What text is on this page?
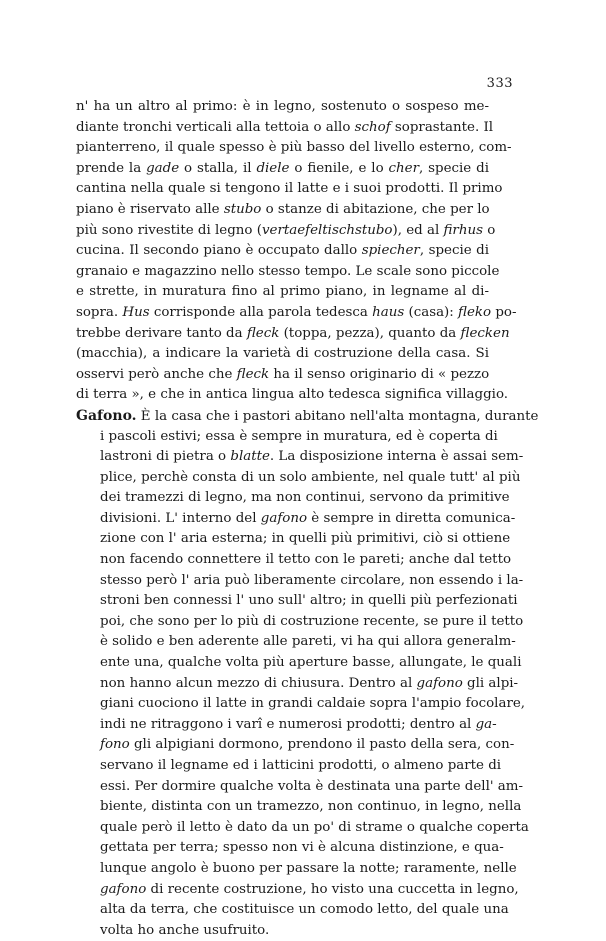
333
n' ha un altro al primo: è in legno, sostenuto o sospeso me-
diante tronchi verticali alla tettoia o allo schof soprastante. Il
pianterreno, il quale spesso è più basso del livello esterno, com-
prende la gade o stalla, il diele o fienile, e lo cher, specie di
cantina nella quale si tengono il latte e i suoi prodotti. Il primo
piano è riservato alle stubo o stanze di abitazione, che per lo
più sono rivestite di legno (vertaefeltischstubo), ed al firhus o
cucina. Il secondo piano è occupato dallo spiecher, specie di
granaio e magazzino nello stesso tempo. Le scale sono piccole
e strette, in muratura fino al primo piano, in legname al di-
sopra. Hus corrisponde alla parola tedesca haus (casa): fleko po-
trebbe derivare tanto da fleck (toppa, pezza), quanto da flecken
(macchia), a indicare la varietà di costruzione della casa. Si
osservi però anche che fleck ha il senso originario di « pezzo
di terra », e che in antica lingua alto tedesca significa villaggio.
Gafono. È la casa che i pastori abitano nell'alta montagna, durante
i pascoli estivi; essa è sempre in muratura, ed è coperta di
lastroni di pietra o blatte. La disposizione interna è assai sem-
plice, perchè consta di un solo ambiente, nel quale tutt' al più
dei tramezzi di legno, ma non continui, servono da primitive
divisioni. L' interno del gafono è sempre in diretta comunica-
zione con l' aria esterna; in quelli più primitivi, ciò si ottiene
non facendo connettere il tetto con le pareti; anche dal tetto
stesso però l' aria può liberamente circolare, non essendo i la-
stroni ben connessi l' uno sull' altro; in quelli più perfezionati
poi, che sono per lo più di costruzione recente, se pure il tetto
è solido e ben aderente alle pareti, vi ha qui allora generalm-
ente una, qualche volta più aperture basse, allungate, le quali
non hanno alcun mezzo di chiusura. Dentro al gafono gli alpi-
giani cuociono il latte in grandi caldaie sopra l'ampio focolare,
indi ne ritraggono i varî e numerosi prodotti; dentro al ga-
fono gli alpigiani dormono, prendono il pasto della sera, con-
servano il legname ed i latticini prodotti, o almeno parte di
essi. Per dormire qualche volta è destinata una parte dell' am-
biente, distinta con un tramezzo, non continuo, in legno, nella
quale però il letto è dato da un po' di strame o qualche coperta
gettata per terra; spesso non vi è alcuna distinzione, e qua-
lunque angolo è buono per passare la notte; raramente, nelle
gafono di recente costruzione, ho visto una cuccetta in legno,
alta da terra, che costituisce un comodo letto, del quale una
volta ho anche usufruito.
